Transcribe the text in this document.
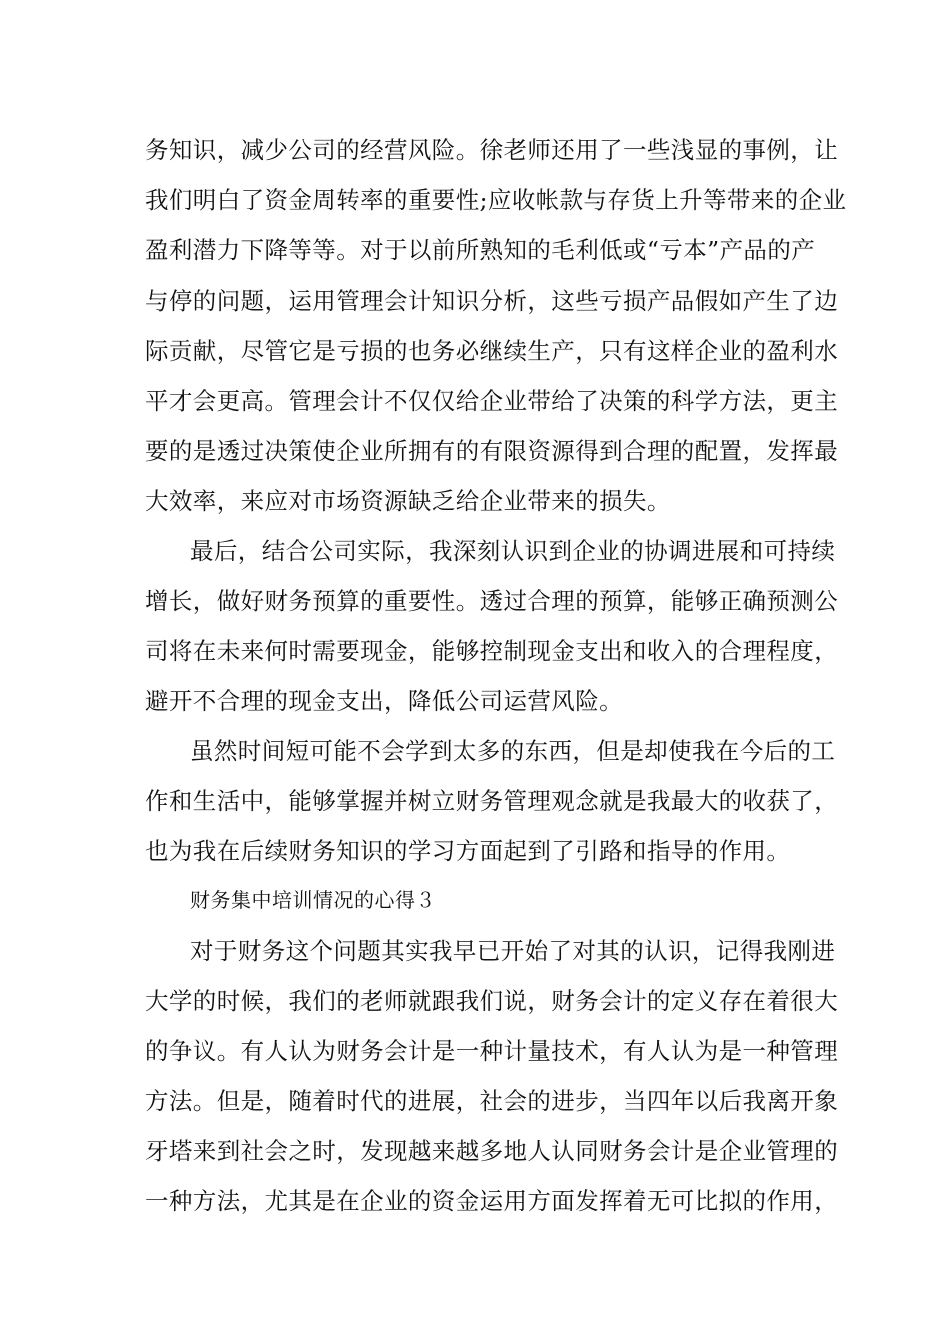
务知识，减少公司的经营风险。徐老师还用了一些浅显的事例，让
我们明白了资金周转率的重要性;应收帐款与存货上升等带来的企业
盈利潜力下降等等。对于以前所熟知的毛利低或“亏本”产品的产
与停的问题，运用管理会计知识分析，这些亏损产品假如产生了边
际贡献，尽管它是亏损的也务必继续生产，只有这样企业的盈利水
平才会更高。管理会计不仅仅给企业带给了决策的科学方法，更主
要的是透过决策使企业所拥有的有限资源得到合理的配置，发挥最
大效率，来应对市场资源缺乏给企业带来的损失。
最后，结合公司实际，我深刻认识到企业的协调进展和可持续
增长，做好财务预算的重要性。透过合理的预算，能够正确预测公
司将在未来何时需要现金，能够控制现金支出和收入的合理程度，
避开不合理的现金支出，降低公司运营风险。
虽然时间短可能不会学到太多的东西，但是却使我在今后的工
作和生活中，能够掌握并树立财务管理观念就是我最大的收获了，
也为我在后续财务知识的学习方面起到了引路和指导的作用。
财务集中培训情况的心得３
对于财务这个问题其实我早已开始了对其的认识，记得我刚进
大学的时候，我们的老师就跟我们说，财务会计的定义存在着很大
的争议。有人认为财务会计是一种计量技术，有人认为是一种管理
方法。但是，随着时代的进展，社会的进步，当四年以后我离开象
牙塔来到社会之时，发现越来越多地人认同财务会计是企业管理的
一种方法，尤其是在企业的资金运用方面发挥着无可比拟的作用，
